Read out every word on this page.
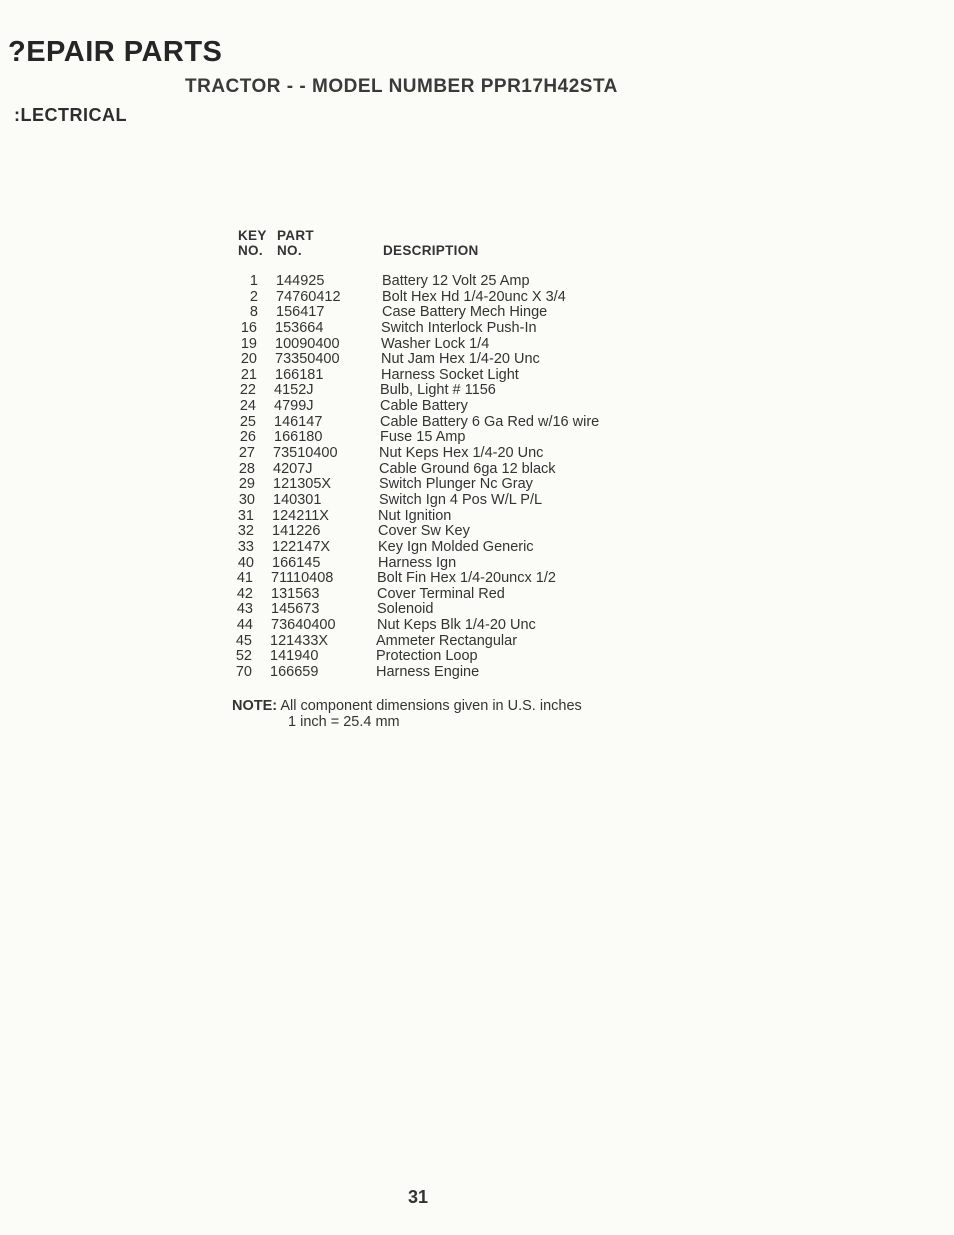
?EPAIR PARTS
TRACTOR - - MODEL NUMBER PPR17H42STA
:LECTRICAL
KEY PART
NO. NO.	DESCRIPTION
1 144925	Battery 12 Volt 25 Amp
2 74760412	Bolt Hex Hd 1/4-20unc X 3/4
8 156417	Case Battery Mech Hinge
16 153664	Switch Interlock Push-In
19 10090400	Washer Lock 1/4
20 73350400	Nut Jam Hex 1/4-20 Unc
21 166181	Harness Socket Light
22 4152J	Bulb, Light # 1156
24 4799J	Cable Battery
25 146147	Cable Battery 6 Ga Red w/16 wire
26 166180	Fuse 15 Amp
27 73510400	Nut Keps Hex 1/4-20 Unc
28 4207J	Cable Ground 6ga 12 black
29 121305X	Switch Plunger Nc Gray
30 140301	Switch Ign 4 Pos W/L P/L
31 124211X	Nut Ignition
32 141226	Cover Sw Key
33 122147X	Key Ign Molded Generic
40 166145	Harness Ign
41 71110408	Bolt Fin Hex 1/4-20uncx 1/2
42 131563	Cover Terminal Red
43 145673	Solenoid
44 73640400	Nut Keps Blk 1/4-20 Unc
45 121433X	Ammeter Rectangular
52 141940	Protection Loop
70 166659	Harness Engine
NOTE: All component dimensions given in U.S. inches
1 inch = 25.4 mm
31
